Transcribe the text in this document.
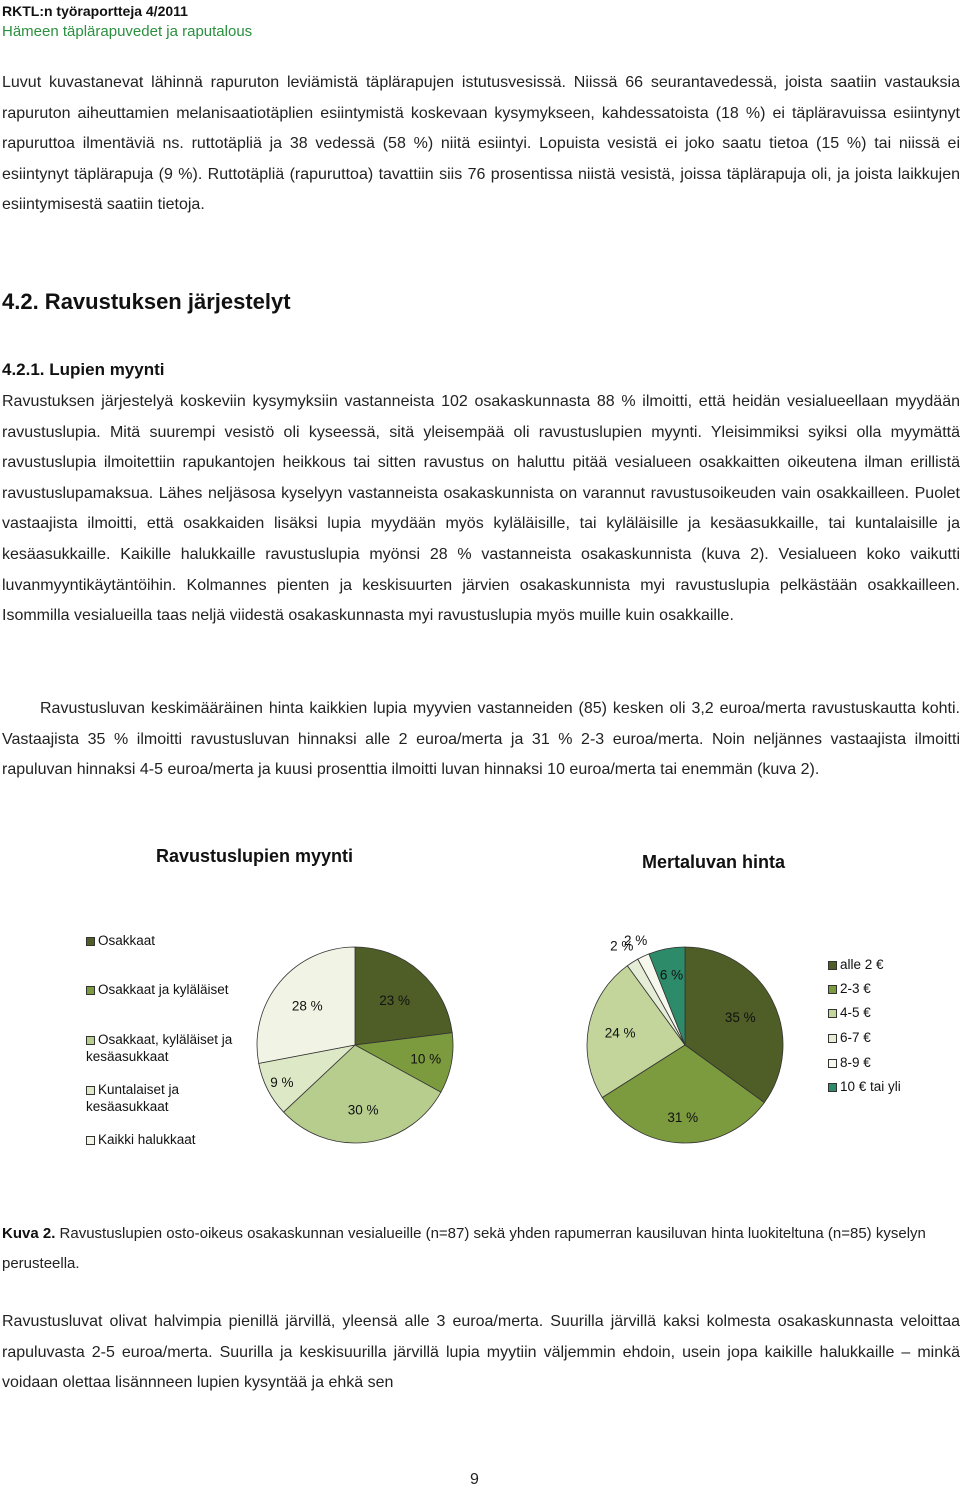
RKTL:n työraportteja 4/2011
Hämeen täplärapuvedet ja raputalous
Luvut kuvastanevat lähinnä rapuruton leviämistä täplärapujen istutusvesissä. Niissä 66 seurantavedessä, joista saatiin vastauksia rapuruton aiheuttamien melanisaatiotäplien esiintymistä koskevaan kysymykseen, kahdessatoista (18 %) ei täpläravuissa esiintynyt rapuruttoa ilmentäviä ns. ruttotäpliä ja 38 vedessä (58 %) niitä esiintyi. Lopuista vesistä ei joko saatu tietoa (15 %) tai niissä ei esiintynyt täplärapuja (9 %). Ruttotäpliä (rapuruttoa) tavattiin siis 76 prosentissa niistä vesistä, joissa täplärapuja oli, ja joista laikkujen esiintymisestä saatiin tietoja.
4.2. Ravustuksen järjestelyt
4.2.1. Lupien myynti
Ravustuksen järjestelyä koskeviin kysymyksiin vastanneista 102 osakaskunnasta 88 % ilmoitti, että heidän vesialueellaan myydään ravustuslupia. Mitä suurempi vesistö oli kyseessä, sitä yleisempää oli ravustuslupien myynti. Yleisimmiksi syiksi olla myymättä ravustuslupia ilmoitettiin rapukantojen heikkous tai sitten ravustus on haluttu pitää vesialueen osakkaitten oikeutena ilman erillistä ravustuslupamaksua. Lähes neljäsosa kyselyyn vastanneista osakaskunnista on varannut ravustusoikeuden vain osakkailleen. Puolet vastaajista ilmoitti, että osakkaiden lisäksi lupia myydään myös kyläläisille, tai kyläläisille ja kesäasukkaille, tai kuntalaisille ja kesäasukkaille. Kaikille halukkaille ravustuslupia myönsi 28 % vastanneista osakaskunnista (kuva 2). Vesialueen koko vaikutti luvanmyyntikäytäntöihin. Kolmannes pienten ja keskisuurten järvien osakaskunnista myi ravustuslupia pelkästään osakkailleen. Isommilla vesialueilla taas neljä viidestä osakaskunnasta myi ravustuslupia myös muille kuin osakkaille.
Ravustusluvan keskimääräinen hinta kaikkien lupia myyvien vastanneiden (85) kesken oli 3,2 euroa/merta ravustuskautta kohti. Vastaajista 35 % ilmoitti ravustusluvan hinnaksi alle 2 euroa/merta ja 31 % 2-3 euroa/merta. Noin neljännes vastaajista ilmoitti rapuluvan hinnaksi 4-5 euroa/merta ja kuusi prosenttia ilmoitti luvan hinnaksi 10 euroa/merta tai enemmän (kuva 2).
Ravustuslupien myynti	Mertaluvan hinta
Osakkaat
Osakkaat ja kyläläiset
Osakkaat, kyläläiset ja kesäasukkaat
Kuntalaiset ja kesäasukkaat
Kaikki halukkaat
alle 2 €
2-3 €
4-5 €
6-7 €
8-9 €
10 € tai yli
23 %
10 %
30 %
9 %
28 %
35 %
31 %
24 %
2 %
2 %
6 %
Kuva 2. Ravustuslupien osto-oikeus osakaskunnan vesialueille (n=87) sekä yhden rapumerran kausiluvan hinta luokiteltuna (n=85) kyselyn perusteella.
Ravustusluvat olivat halvimpia pienillä järvillä, yleensä alle 3 euroa/merta. Suurilla järvillä kaksi kolmesta osakaskunnasta veloittaa rapuluvasta 2-5 euroa/merta. Suurilla ja keskisuurilla järvillä lupia myytiin väljemmin ehdoin, usein jopa kaikille halukkaille – minkä voidaan olettaa lisännneen lupien kysyntää ja ehkä sen
9
